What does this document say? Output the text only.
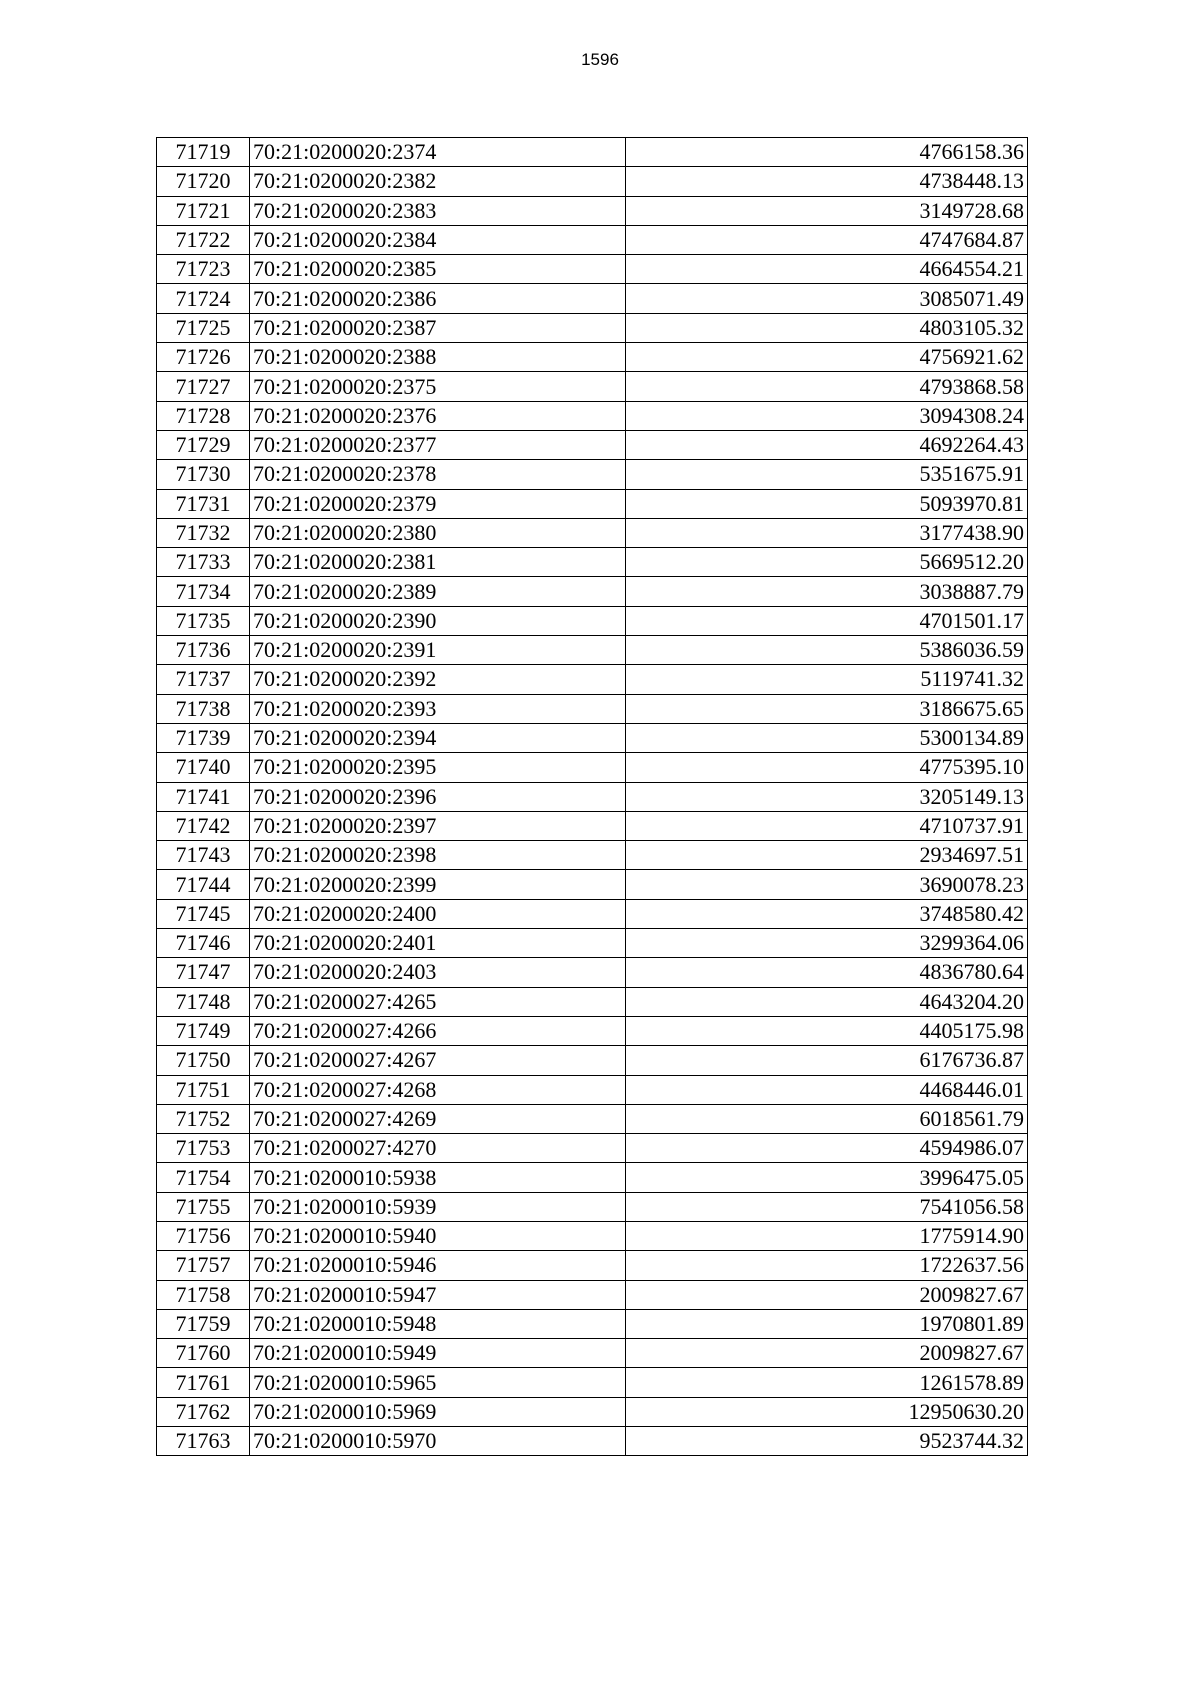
1596
71719	70:21:0200020:2374	4766158.36
71720	70:21:0200020:2382	4738448.13
71721	70:21:0200020:2383	3149728.68
71722	70:21:0200020:2384	4747684.87
71723	70:21:0200020:2385	4664554.21
71724	70:21:0200020:2386	3085071.49
71725	70:21:0200020:2387	4803105.32
71726	70:21:0200020:2388	4756921.62
71727	70:21:0200020:2375	4793868.58
71728	70:21:0200020:2376	3094308.24
71729	70:21:0200020:2377	4692264.43
71730	70:21:0200020:2378	5351675.91
71731	70:21:0200020:2379	5093970.81
71732	70:21:0200020:2380	3177438.90
71733	70:21:0200020:2381	5669512.20
71734	70:21:0200020:2389	3038887.79
71735	70:21:0200020:2390	4701501.17
71736	70:21:0200020:2391	5386036.59
71737	70:21:0200020:2392	5119741.32
71738	70:21:0200020:2393	3186675.65
71739	70:21:0200020:2394	5300134.89
71740	70:21:0200020:2395	4775395.10
71741	70:21:0200020:2396	3205149.13
71742	70:21:0200020:2397	4710737.91
71743	70:21:0200020:2398	2934697.51
71744	70:21:0200020:2399	3690078.23
71745	70:21:0200020:2400	3748580.42
71746	70:21:0200020:2401	3299364.06
71747	70:21:0200020:2403	4836780.64
71748	70:21:0200027:4265	4643204.20
71749	70:21:0200027:4266	4405175.98
71750	70:21:0200027:4267	6176736.87
71751	70:21:0200027:4268	4468446.01
71752	70:21:0200027:4269	6018561.79
71753	70:21:0200027:4270	4594986.07
71754	70:21:0200010:5938	3996475.05
71755	70:21:0200010:5939	7541056.58
71756	70:21:0200010:5940	1775914.90
71757	70:21:0200010:5946	1722637.56
71758	70:21:0200010:5947	2009827.67
71759	70:21:0200010:5948	1970801.89
71760	70:21:0200010:5949	2009827.67
71761	70:21:0200010:5965	1261578.89
71762	70:21:0200010:5969	12950630.20
71763	70:21:0200010:5970	9523744.32
